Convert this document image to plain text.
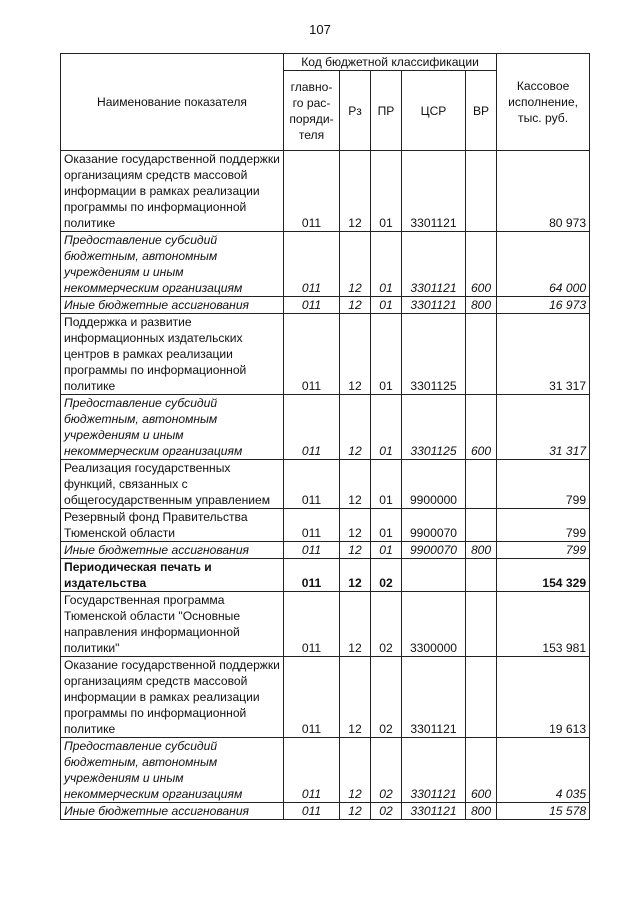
107
Наименование показателя	Код бюджетной классификации					Кассовое исполнение, тыс. руб.
	главно-го рас-поряди-теля	Рз	ПР	ЦСР	ВР	
Оказание государственной поддержки организациям средств массовой информации в рамках реализации программы по информационной политике	011	12	01	3301121		80 973
Предоставление субсидий бюджетным, автономным учреждениям и иным некоммерческим организациям	011	12	01	3301121	600	64 000
Иные бюджетные ассигнования	011	12	01	3301121	800	16 973
Поддержка и развитие информационных издательских центров в рамках реализации программы по информационной политике	011	12	01	3301125		31 317
Предоставление субсидий бюджетным, автономным учреждениям и иным некоммерческим организациям	011	12	01	3301125	600	31 317
Реализация государственных функций, связанных с общегосударственным управлением	011	12	01	9900000		799
Резервный фонд Правительства Тюменской области	011	12	01	9900070		799
Иные бюджетные ассигнования	011	12	01	9900070	800	799
Периодическая печать и издательства	011	12	02			154 329
Государственная программа Тюменской области "Основные направления информационной политики"	011	12	02	3300000		153 981
Оказание государственной поддержки организациям средств массовой информации в рамках реализации программы по информационной политике	011	12	02	3301121		19 613
Предоставление субсидий бюджетным, автономным учреждениям и иным некоммерческим организациям	011	12	02	3301121	600	4 035
Иные бюджетные ассигнования	011	12	02	3301121	800	15 578
